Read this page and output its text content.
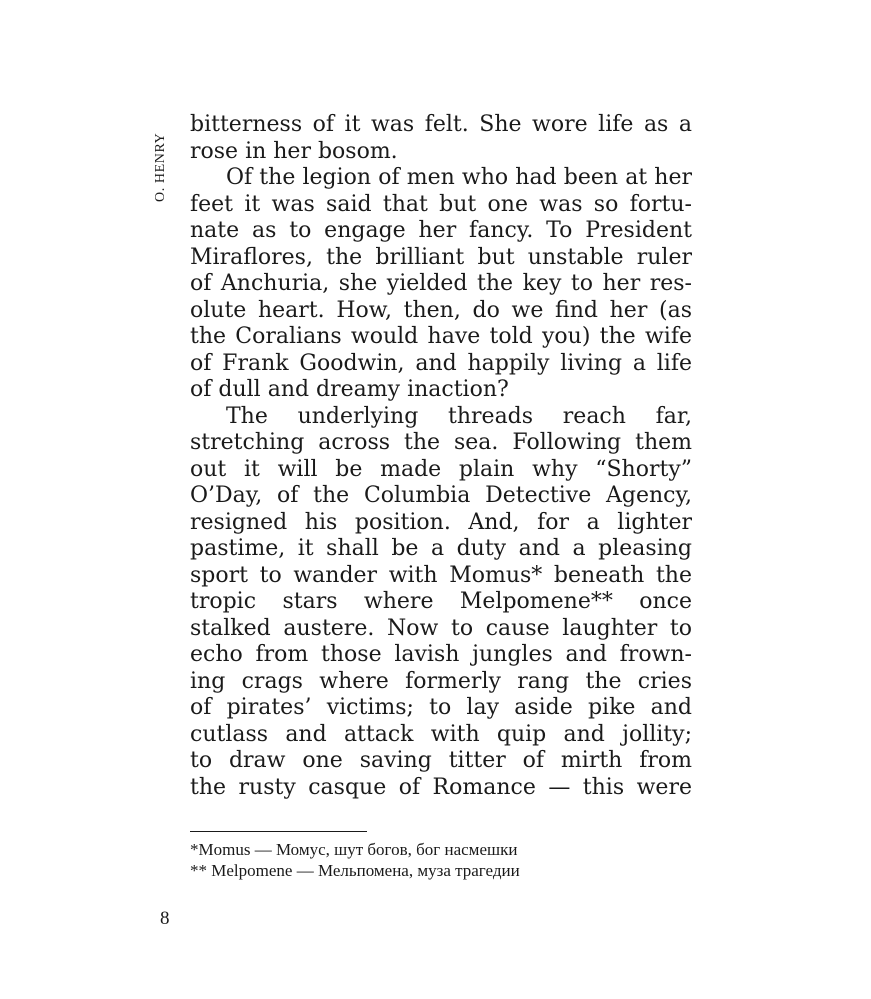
O. HENRY
bitterness of it was felt. She wore life as a
rose in her bosom.
Of the legion of men who had been at her
feet it was said that but one was so fortu-
nate as to engage her fancy. To President
Miraflores, the brilliant but unstable ruler
of Anchuria, she yielded the key to her res-
olute heart. How, then, do we find her (as
the Coralians would have told you) the wife
of Frank Goodwin, and happily living a life
of dull and dreamy inaction?
The underlying threads reach far,
stretching across the sea. Following them
out it will be made plain why “Shorty”
O’Day, of the Columbia Detective Agency,
resigned his position. And, for a lighter
pastime, it shall be a duty and a pleasing
sport to wander with Momus* beneath the
tropic stars where Melpomene** once
stalked austere. Now to cause laughter to
echo from those lavish jungles and frown-
ing crags where formerly rang the cries
of pirates’ victims; to lay aside pike and
cutlass and attack with quip and jollity;
to draw one saving titter of mirth from
the rusty casque of Romance — this were
*Momus — Момус, шут богов, бог насмешки
** Melpomene — Мельпомена, муза трагедии
8
